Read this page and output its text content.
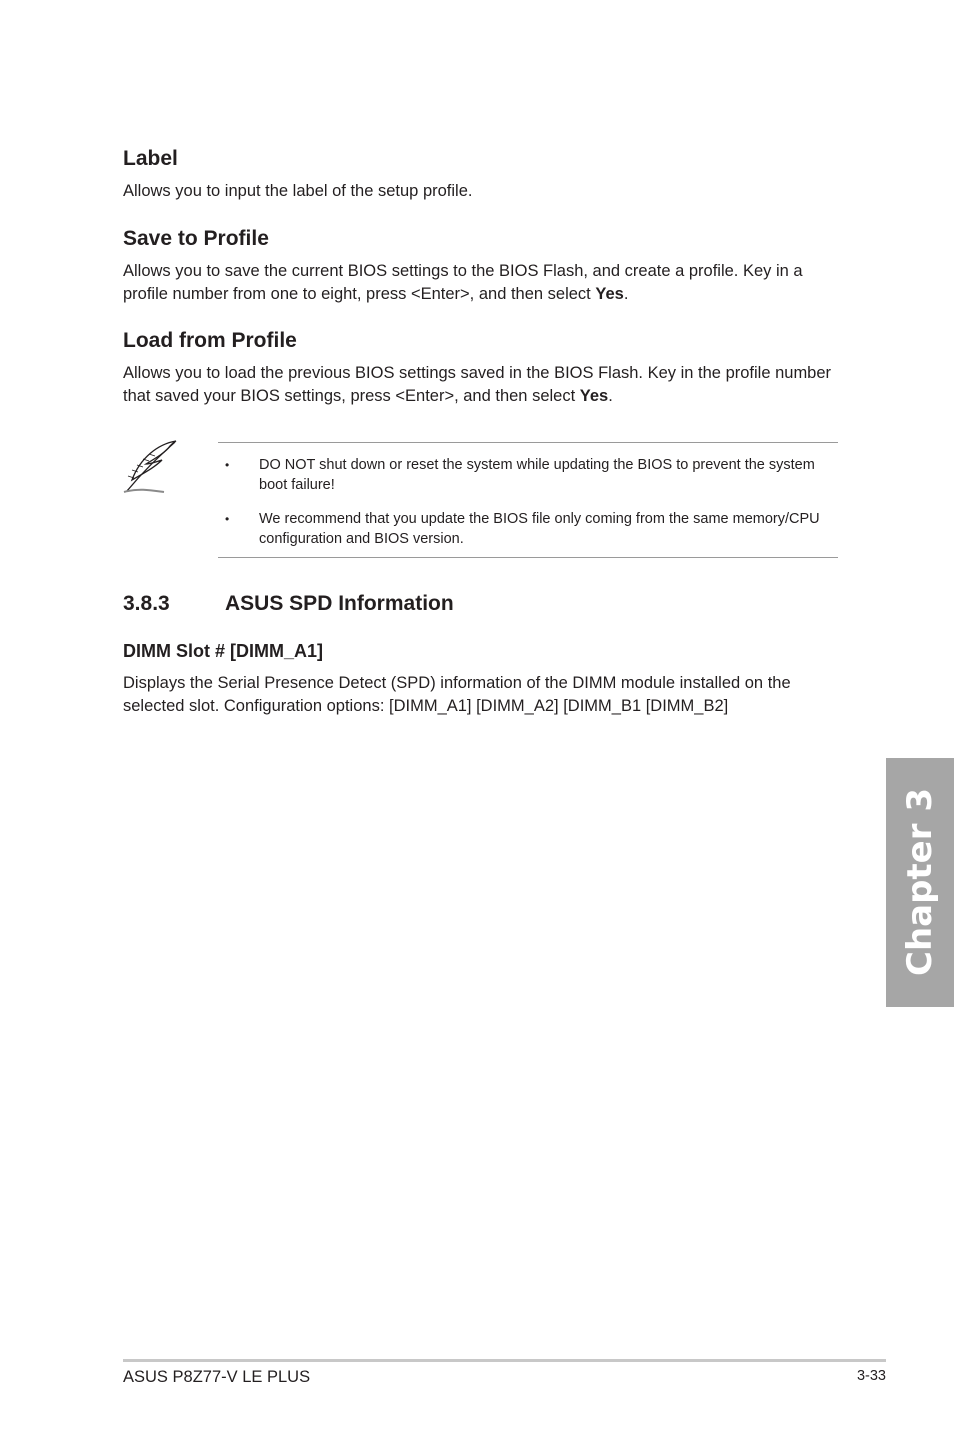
Label

Allows you to input the label of the setup profile.

Save to Profile

Allows you to save the current BIOS settings to the BIOS Flash, and create a profile. Key in a profile number from one to eight, press <Enter>, and then select Yes.

Load from Profile

Allows you to load the previous BIOS settings saved in the BIOS Flash. Key in the profile number that saved your BIOS settings, press <Enter>, and then select Yes.

• DO NOT shut down or reset the system while updating the BIOS to prevent the system boot failure!
• We recommend that you update the BIOS file only coming from the same memory/CPU configuration and BIOS version.
3.8.3	ASUS SPD Information
DIMM Slot # [DIMM_A1]

Displays the Serial Presence Detect (SPD) information of the DIMM module installed on the selected slot. Configuration options: [DIMM_A1] [DIMM_A2] [DIMM_B1 [DIMM_B2]

Chapter 3
ASUS P8Z77-V LE PLUS	3-33
